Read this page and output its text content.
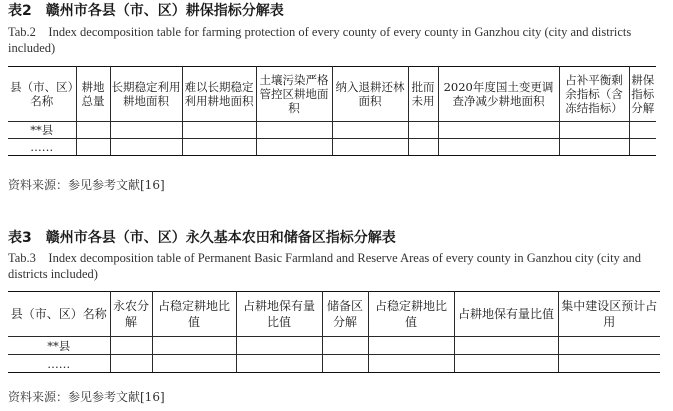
表2　赣州市各县（市、区）耕保指标分解表
Tab.2　Index decomposition table for farming protection of every county of every county in Ganzhou city (city and districts included)
县（市、区）名称	耕地总量	长期稳定利用耕地面积	难以长期稳定利用耕地面积	土壤污染严格管控区耕地面积	纳入退耕还林面积	批而未用	2020年度国土变更调查净减少耕地面积	占补平衡剩余指标（含冻结指标）	耕保指标分解
**县									
……									
资料来源：参见参考文献[16]
表3　赣州市各县（市、区）永久基本农田和储备区指标分解表
Tab.3　Index decomposition table of Permanent Basic Farmland and Reserve Areas of every county in Ganzhou city (city and districts included)
县（市、区）名称	永农分解	占稳定耕地比值	占耕地保有量比值	储备区分解	占稳定耕地比值	占耕地保有量比值	集中建设区预计占用
**县							
……							
资料来源：参见参考文献[16]
